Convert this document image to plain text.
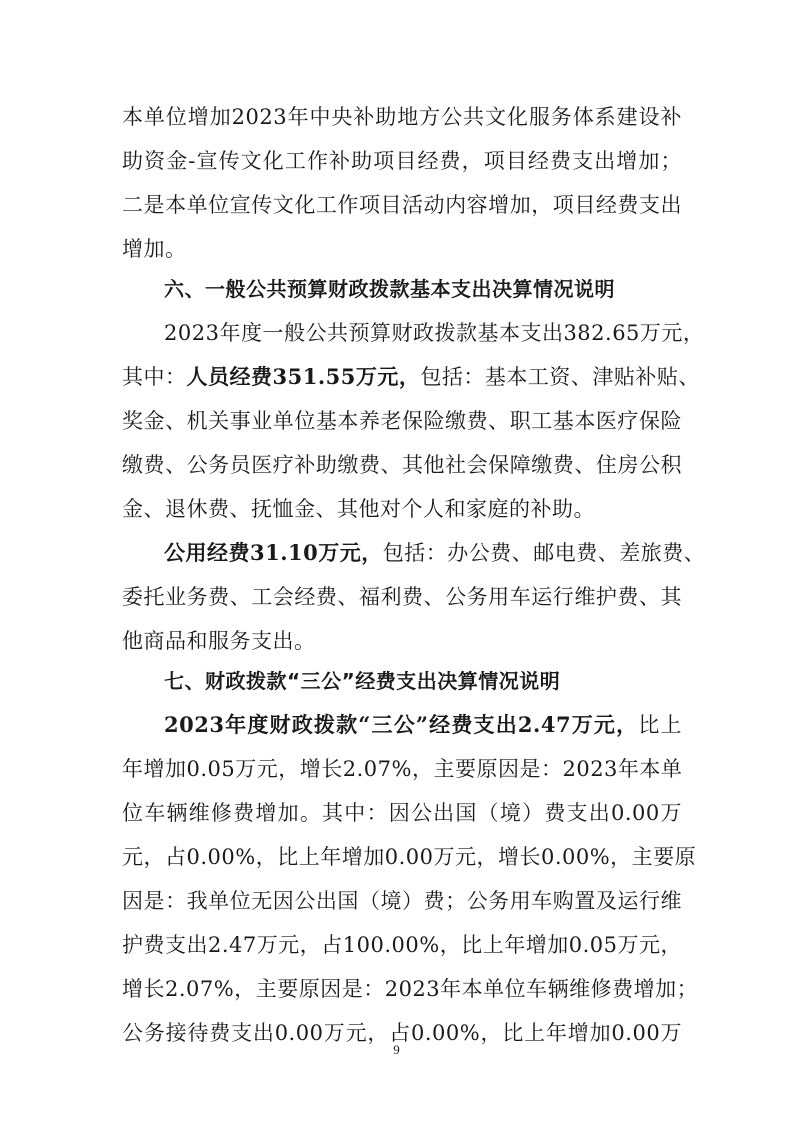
本单位增加2023年中央补助地方公共文化服务体系建设补
助资金-宣传文化工作补助项目经费，项目经费支出增加；
二是本单位宣传文化工作项目活动内容增加，项目经费支出
增加。
六、一般公共预算财政拨款基本支出决算情况说明
2023年度一般公共预算财政拨款基本支出382.65万元，
其中：人员经费351.55万元，包括：基本工资、津贴补贴、
奖金、机关事业单位基本养老保险缴费、职工基本医疗保险
缴费、公务员医疗补助缴费、其他社会保障缴费、住房公积
金、退休费、抚恤金、其他对个人和家庭的补助。
公用经费31.10万元，包括：办公费、邮电费、差旅费、
委托业务费、工会经费、福利费、公务用车运行维护费、其
他商品和服务支出。
七、财政拨款“三公”经费支出决算情况说明
2023年度财政拨款“三公”经费支出2.47万元，比上
年增加0.05万元，增长2.07%，主要原因是：2023年本单
位车辆维修费增加。其中：因公出国（境）费支出0.00万
元，占0.00%，比上年增加0.00万元，增长0.00%，主要原
因是：我单位无因公出国（境）费；公务用车购置及运行维
护费支出2.47万元，占100.00%，比上年增加0.05万元，
增长2.07%，主要原因是：2023年本单位车辆维修费增加；
公务接待费支出0.00万元，占0.00%，比上年增加0.00万
9
